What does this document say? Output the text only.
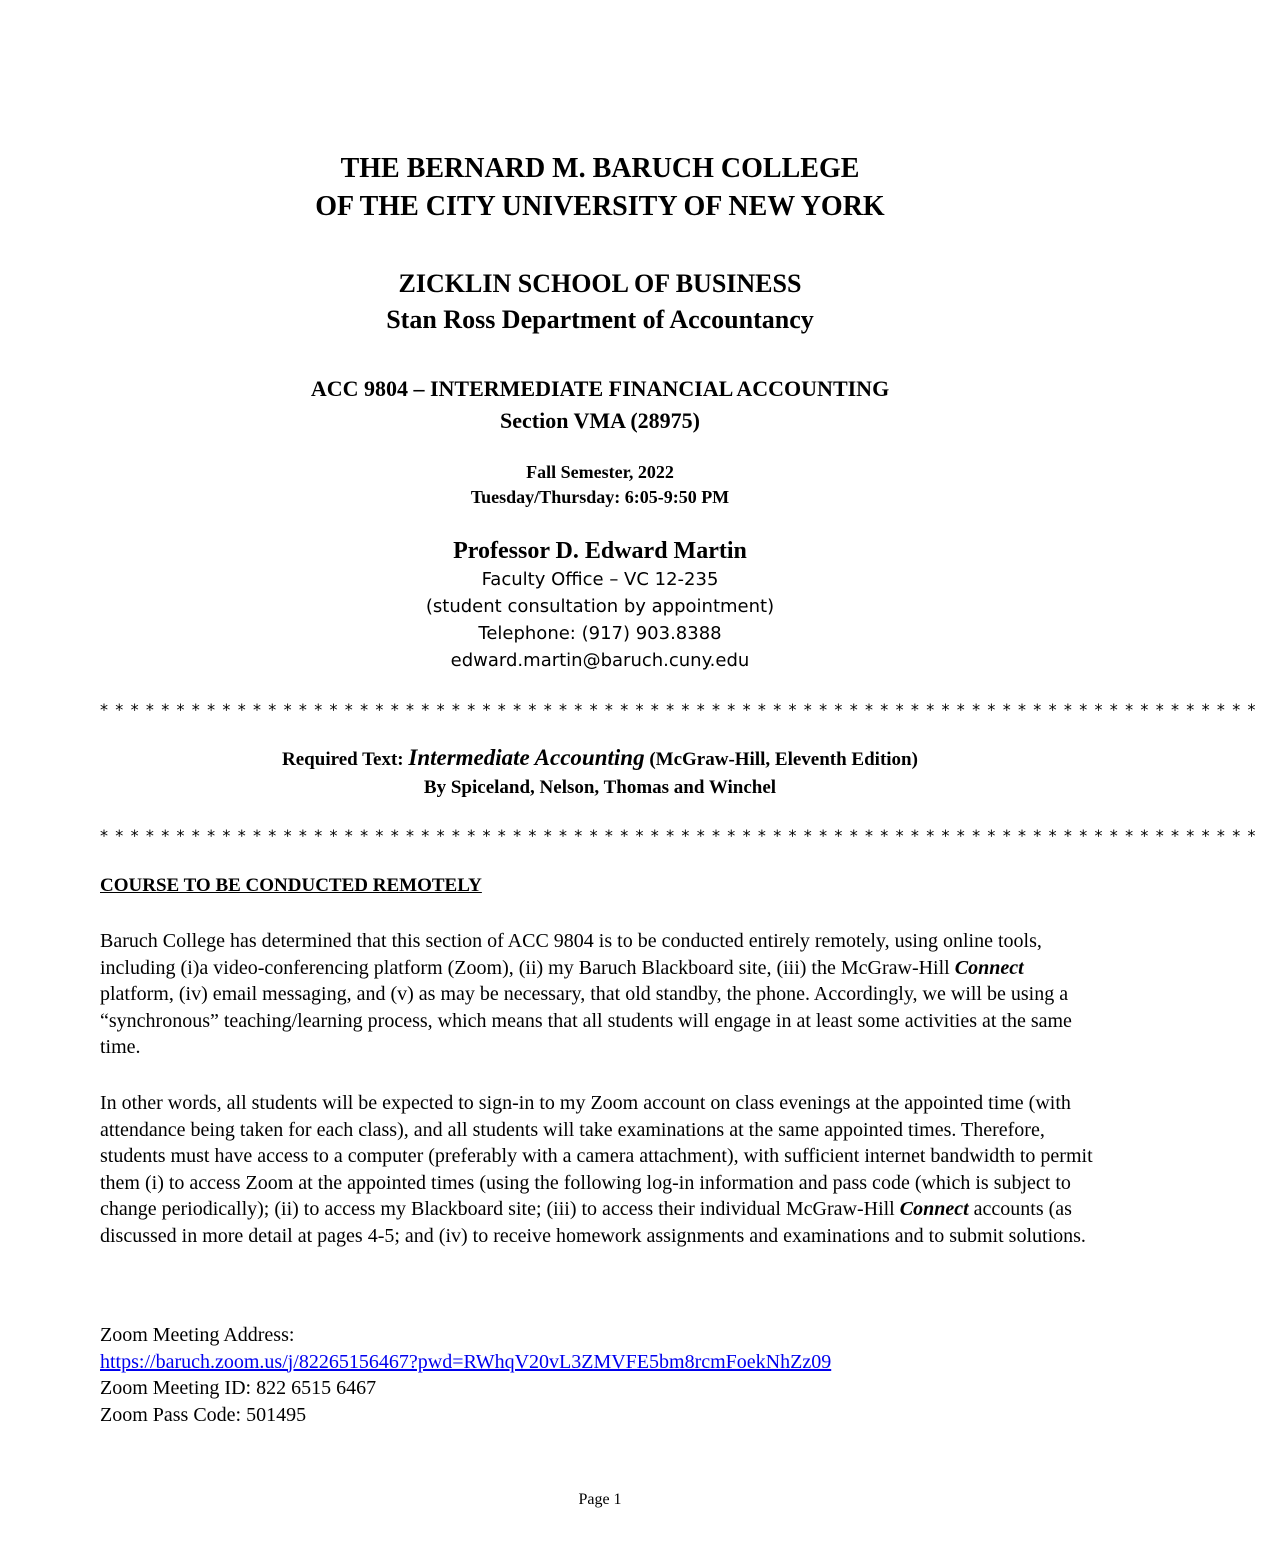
THE BERNARD M. BARUCH COLLEGE
OF THE CITY UNIVERSITY OF NEW YORK
ZICKLIN SCHOOL OF BUSINESS
Stan Ross Department of Accountancy
ACC 9804 – INTERMEDIATE FINANCIAL ACCOUNTING
Section VMA (28975)
Fall Semester, 2022
Tuesday/Thursday: 6:05-9:50 PM
Professor D. Edward Martin
Faculty Office – VC 12-235
(student consultation by appointment)
Telephone: (917) 903.8388
edward.martin@baruch.cuny.edu
****************************************************************************
Required Text: Intermediate Accounting (McGraw-Hill, Eleventh Edition)
By Spiceland, Nelson, Thomas and Winchel
****************************************************************************
COURSE TO BE CONDUCTED REMOTELY
Baruch College has determined that this section of ACC 9804 is to be conducted entirely remotely, using online tools, including (i)a video-conferencing platform (Zoom), (ii) my Baruch Blackboard site, (iii) the McGraw-Hill Connect platform, (iv) email messaging, and (v) as may be necessary, that old standby, the phone. Accordingly, we will be using a “synchronous” teaching/learning process, which means that all students will engage in at least some activities at the same time.
In other words, all students will be expected to sign-in to my Zoom account on class evenings at the appointed time (with attendance being taken for each class), and all students will take examinations at the same appointed times. Therefore, students must have access to a computer (preferably with a camera attachment), with sufficient internet bandwidth to permit them (i) to access Zoom at the appointed times (using the following log-in information and pass code (which is subject to change periodically); (ii) to access my Blackboard site; (iii) to access their individual McGraw-Hill Connect accounts (as discussed in more detail at pages 4-5; and (iv) to receive homework assignments and examinations and to submit solutions.
Zoom Meeting Address:
https://baruch.zoom.us/j/82265156467?pwd=RWhqV20vL3ZMVFE5bm8rcmFoekNhZz09
Zoom Meeting ID: 822 6515 6467
Zoom Pass Code: 501495
Page 1
